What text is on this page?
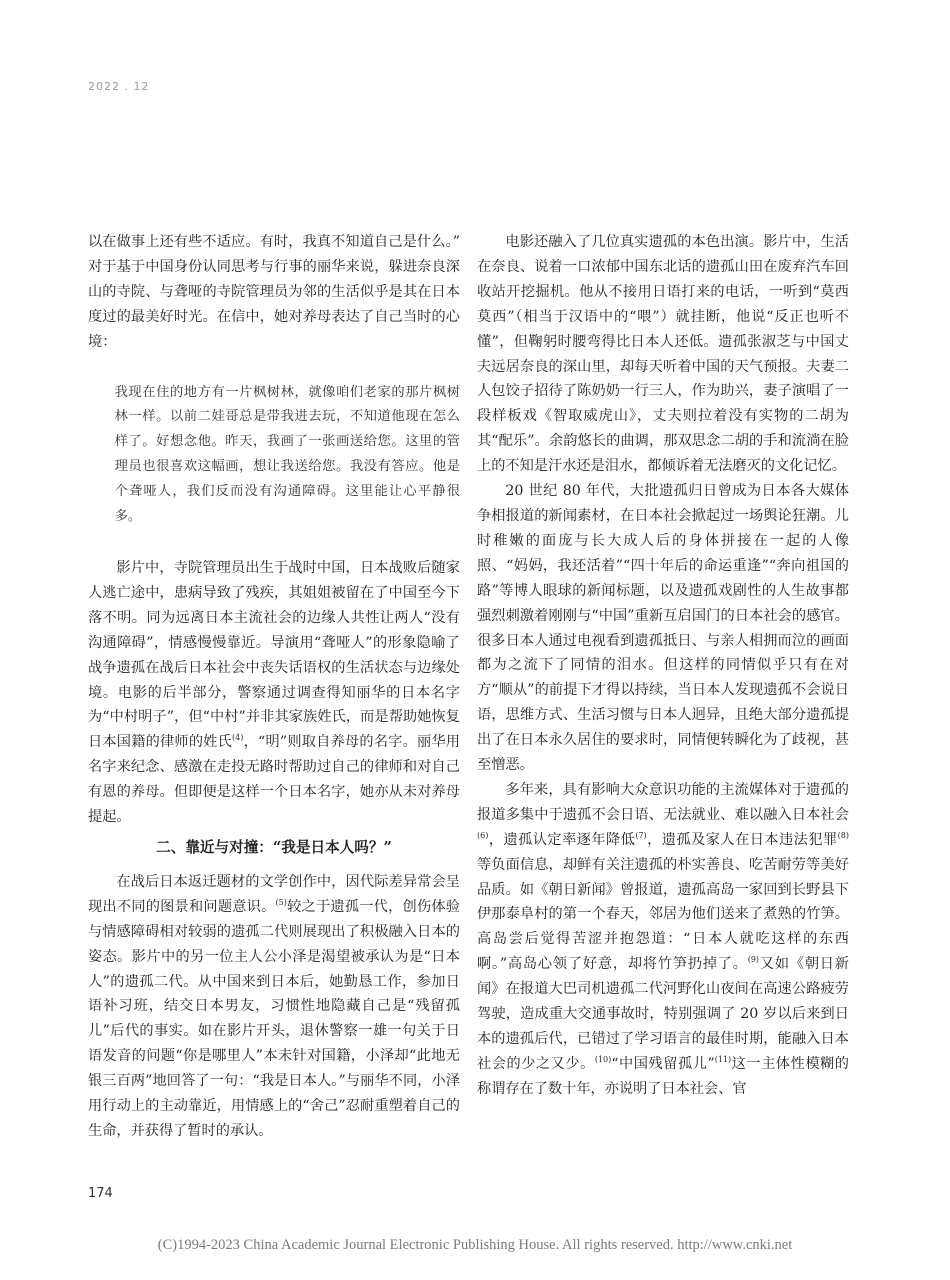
2022 . 12

以在做事上还有些不适应。有时，我真不知道自己是什么。” 对于基于中国身份认同思考与行事的丽华来说，躲进奈良深山的寺院、与聋哑的寺院管理员为邻的生活似乎是其在日本度过的最美好时光。在信中，她对养母表达了自己当时的心境：

我现在住的地方有一片枫树林，就像咱们老家的那片枫树林一样。以前二娃哥总是带我进去玩，不知道他现在怎么样了。好想念他。昨天，我画了一张画送给您。这里的管理员也很喜欢这幅画，想让我送给您。我没有答应。他是个聋哑人，我们反而没有沟通障碍。这里能让心平静很多。

影片中，寺院管理员出生于战时中国，日本战败后随家人逃亡途中，患病导致了残疾，其姐姐被留在了中国至今下落不明。同为远离日本主流社会的边缘人共性让两人“没有沟通障碍”，情感慢慢靠近。导演用“聋哑人”的形象隐喻了战争遗孤在战后日本社会中丧失话语权的生活状态与边缘处境。电影的后半部分，警察通过调查得知丽华的日本名字为“中村明子”，但“中村”并非其家族姓氏，而是帮助她恢复日本国籍的律师的姓氏$^{(4)}$，“明”则取自养母的名字。丽华用名字来纪念、感激在走投无路时帮助过自己的律师和对自己有恩的养母。但即便是这样一个日本名字，她亦从未对养母提起。

二、靠近与对撞：“我是日本人吗？”

在战后日本返迁题材的文学创作中，因代际差异常会呈现出不同的图景和问题意识。$^{(5)}$较之于遗孤一代，创伤体验与情感障碍相对较弱的遗孤二代则展现出了积极融入日本的姿态。影片中的另一位主人公小泽是渴望被承认为是“日本人”的遗孤二代。从中国来到日本后，她勤恳工作，参加日语补习班，结交日本男友，习惯性地隐藏自己是“残留孤儿”后代的事实。如在影片开头，退休警察一雄一句关于日语发音的问题“你是哪里人”本未针对国籍，小泽却“此地无银三百两”地回答了一句：“我是日本人。”与丽华不同，小泽用行动上的主动靠近，用情感上的“舍己”忍耐重塑着自己的生命，并获得了暂时的承认。

电影还融入了几位真实遗孤的本色出演。影片中，生活在奈良、说着一口浓郁中国东北话的遗孤山田在废弃汽车回收站开挖掘机。他从不接用日语打来的电话，一听到“莫西莫西”（相当于汉语中的“喂”）就挂断，他说“反正也听不懂”，但鞠躬时腰弯得比日本人还低。遗孤张淑芝与中国丈夫远居奈良的深山里，却每天听着中国的天气预报。夫妻二人包饺子招待了陈奶奶一行三人，作为助兴，妻子演唱了一段样板戏《智取威虎山》，丈夫则拉着没有实物的二胡为其“配乐”。余韵悠长的曲调，那双思念二胡的手和流淌在脸上的不知是汗水还是泪水，都倾诉着无法磨灭的文化记忆。

20 世纪 80 年代，大批遗孤归日曾成为日本各大媒体争相报道的新闻素材，在日本社会掀起过一场舆论狂潮。儿时稚嫩的面庞与长大成人后的身体拼接在一起的人像照、“妈妈，我还活着”“四十年后的命运重逢”“奔向祖国的路”等博人眼球的新闻标题，以及遗孤戏剧性的人生故事都强烈刺激着刚刚与“中国”重新互启国门的日本社会的感官。很多日本人通过电视看到遗孤抵日、与亲人相拥而泣的画面都为之流下了同情的泪水。但这样的同情似乎只有在对方“顺从”的前提下才得以持续，当日本人发现遗孤不会说日语，思维方式、生活习惯与日本人迥异，且绝大部分遗孤提出了在日本永久居住的要求时，同情便转瞬化为了歧视，甚至憎恶。

多年来，具有影响大众意识功能的主流媒体对于遗孤的报道多集中于遗孤不会日语、无法就业、难以融入日本社会$^{(6)}$，遗孤认定率逐年降低$^{(7)}$，遗孤及家人在日本违法犯罪$^{(8)}$等负面信息，却鲜有关注遗孤的朴实善良、吃苦耐劳等美好品质。如《朝日新闻》曾报道，遗孤高岛一家回到长野县下伊那泰阜村的第一个春天，邻居为他们送来了煮熟的竹笋。高岛尝后觉得苦涩并抱怨道：“日本人就吃这样的东西啊。”高岛心领了好意，却将竹笋扔掉了。$^{(9)}$又如《朝日新闻》在报道大巴司机遗孤二代河野化山夜间在高速公路疲劳驾驶，造成重大交通事故时，特别强调了 20 岁以后来到日本的遗孤后代，已错过了学习语言的最佳时期，能融入日本社会的少之又少。$^{(10)}$“中国残留孤儿”$^{(11)}$这一主体性模糊的称谓存在了数十年，亦说明了日本社会、官

174
(C)1994-2023 China Academic Journal Electronic Publishing House. All rights reserved. http://www.cnki.net
